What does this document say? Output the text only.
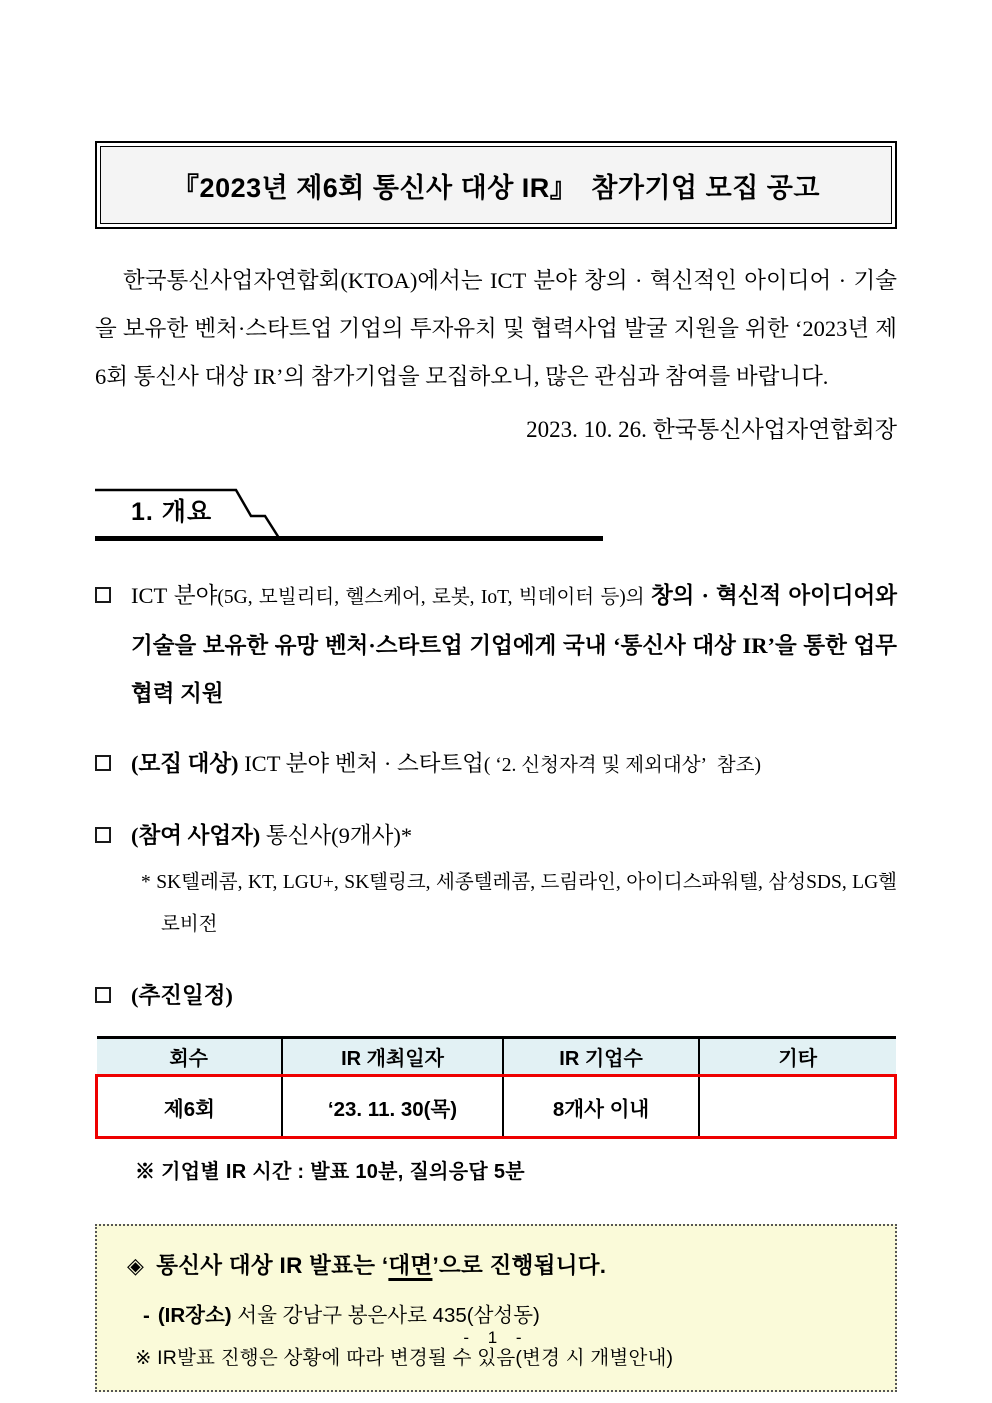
『2023년 제6회 통신사 대상 IR』 참가기업 모집 공고

한국통신사업자연합회(KTOA)에서는 ICT 분야 창의 · 혁신적인 아이디어 · 기술을 보유한 벤처·스타트업 기업의 투자유치 및 협력사업 발굴 지원을 위한 ‘2023년 제6회 통신사 대상 IR’의 참가기업을 모집하오니, 많은 관심과 참여를 바랍니다.

2023. 10. 26. 한국통신사업자연합회장

1. 개요
ICT 분야(5G, 모빌리티, 헬스케어, 로봇, IoT, 빅데이터 등)의 창의 · 혁신적 아이디어와 기술을 보유한 유망 벤처·스타트업 기업에게 국내 ‘통신사 대상 IR’을 통한 업무협력 지원
(모집 대상) ICT 분야 벤처 · 스타트업( ‘2. 신청자격 및 제외대상’ 참조)
(참여 사업자) 통신사(9개사)*

* SK텔레콤, KT, LGU+, SK텔링크, 세종텔레콤, 드림라인, 아이디스파워텔, 삼성SDS, LG헬로비전

(추진일정)
회수	IR 개최일자	IR 기업수	기타
제6회	‘23. 11. 30(목)	8개사 이내	

※ 기업별 IR 시간 : 발표 10분, 질의응답 5분

◈ 통신사 대상 IR 발표는 ‘대면’으로 진행됩니다.
- (IR장소) 서울 강남구 봉은사로 435(삼성동)
※ IR발표 진행은 상황에 따라 변경될 수 있음(변경 시 개별안내)
- 1 -
